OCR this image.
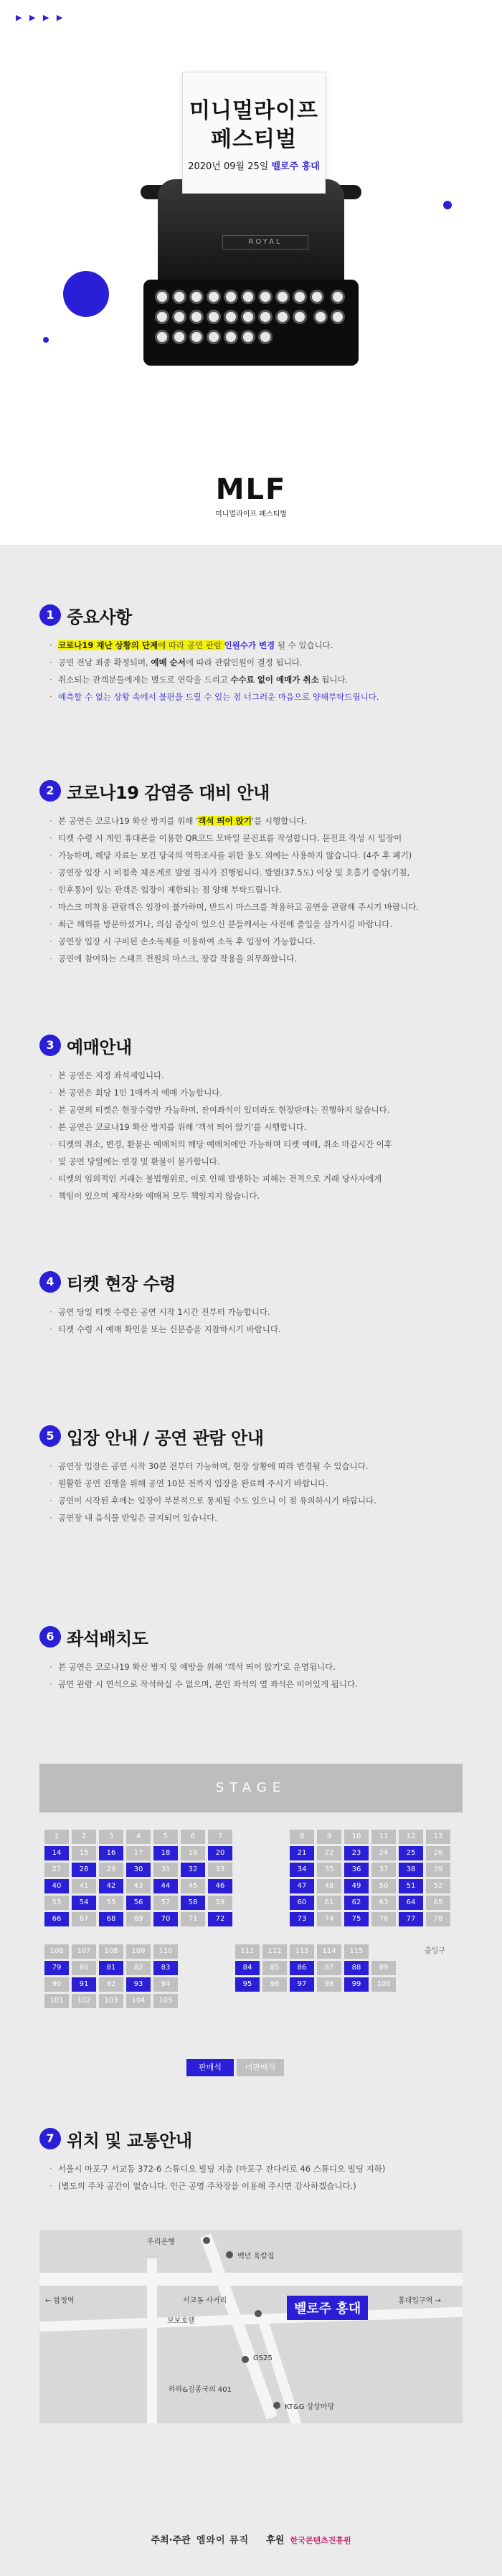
▶   ▶   ▶   ▶
ROYAL

미니멀라이프
페스티벌
2020년 09월 25일 벨로주 홍대
MLF
미니멀라이프 페스티벌
1 중요사항
· 코로나19 재난 상황의 단계에 따라 공연 관람 인원수가 변경 될 수 있습니다.
· 공연 전날 최종 확정되며, 예매 순서에 따라 관람인원이 결정 됩니다.
· 취소되는 관객분들에게는 별도로 연락을 드리고 수수료 없이 예매가 취소 됩니다.
· 예측할 수 없는 상황 속에서 불편을 드릴 수 있는 점 너그러운 마음으로 양해부탁드립니다.
2 코로나19 감염증 대비 안내
· 본 공연은 코로나19 확산 방지를 위해 '객석 띄어 앉기'를 시행합니다.
· 티켓 수령 시 개인 휴대폰을 이용한 QR코드 모바일 문진표를 작성합니다. 문진표 작성 시 입장이
· 가능하며, 해당 자료는 보건 당국의 역학조사를 위한 용도 외에는 사용하지 않습니다. (4주 후 폐기)
· 공연장 입장 시 비접촉 체온계로 발열 검사가 진행됩니다. 발열(37.5도) 이상 및 호흡기 증상(기침,
· 인후통)이 있는 관객은 입장이 제한되는 점 양해 부탁드립니다.
· 마스크 미착용 관람객은 입장이 불가하며, 반드시 마스크를 착용하고 공연을 관람해 주시기 바랍니다.
· 최근 해외를 방문하셨거나, 의심 증상이 있으신 분들께서는 사전에 출입을 삼가시길 바랍니다.
· 공연장 입장 시 구비된 손소독제를 이용하여 소독 후 입장이 가능합니다.
· 공연에 참여하는 스태프 전원의 마스크, 장갑 착용을 의무화합니다.
3 예매안내
· 본 공연은 지정 좌석제입니다.
· 본 공연은 회당 1인 1매까지 예매 가능합니다.
· 본 공연의 티켓은 현장수령만 가능하며, 잔여좌석이 있더라도 현장판매는 진행하지 않습니다.
· 본 공연은 코로나19 확산 방지를 위해 '객석 띄어 앉기'를 시행합니다.
· 티켓의 취소, 변경, 환불은 예매처의 해당 예매처에만 가능하며 티켓 예매, 취소 마감시간 이후
· 및 공연 당일에는 변경 및 환불이 불가합니다.
· 티켓의 임의적인 거래는 불법행위로, 이로 인해 발생하는 피해는 전적으로 거래 당사자에게
· 책임이 있으며 제작사와 예매처 모두 책임지지 않습니다.
4 티켓 현장 수령
· 공연 당일 티켓 수령은 공연 시작 1시간 전부터 가능합니다.
· 티켓 수령 시 예매 확인을 또는 신분증을 지참하시기 바랍니다.
5 입장 안내 / 공연 관람 안내
· 공연장 입장은 공연 시작 30분 전부터 가능하며, 현장 상황에 따라 변경될 수 있습니다.
· 원활한 공연 진행을 위해 공연 10분 전까지 입장을 완료해 주시기 바랍니다.
· 공연이 시작된 후에는 입장이 부분적으로 통제될 수도 있으니 이 점 유의하시기 바랍니다.
· 공연장 내 음식물 반입은 금지되어 있습니다.
6 좌석배치도
· 본 공연은 코로나19 확산 방지 및 예방을 위해 '객석 띄어 앉기'로 운영됩니다.
· 공연 관람 시 연석으로 작석하실 수 없으며, 본인 좌석의 옆 좌석은 비어있게 됩니다.
STAGE
1	2	3	4	5	6	7	8	9	10	11	12	13
14	15	16	17	18	19	20	21	22	23	24	25	26
27	28	29	30	31	32	33	34	35	36	37	38	39
40	41	42	43	44	45	46	47	48	49	50	51	52
53	54	55	56	57	58	59	60	61	62	63	64	65
66	67	68	69	70	71	72	73	74	75	76	77	78
106	107	108	109	110	111	112	113	114	115
79	80	81	82	83	84	85	86	87	88	89
90	91	92	93	94	95	96	97	98	99	100
101	102	103	104	105
출입구
판매석	미판매석
7 위치 및 교통안내
· 서울시 마포구 서교동 372-6 스튜디오 빌딩 지층 (마포구 잔다리로 46 스튜디오 빌딩 지하)
· (별도의 주차 공간이 없습니다. 인근 공영 주차장을 이용해 주시면 감사하겠습니다.)
우리은행
백년 육칼집
← 합정역	홍대입구역 →
서교동 사거리
보보호텔
벨로주 홍대
하하&김종국의 401
GS25
KT&G 상상마당
주최·주관 엠와이 뮤직 후원 한국콘텐츠진흥원
